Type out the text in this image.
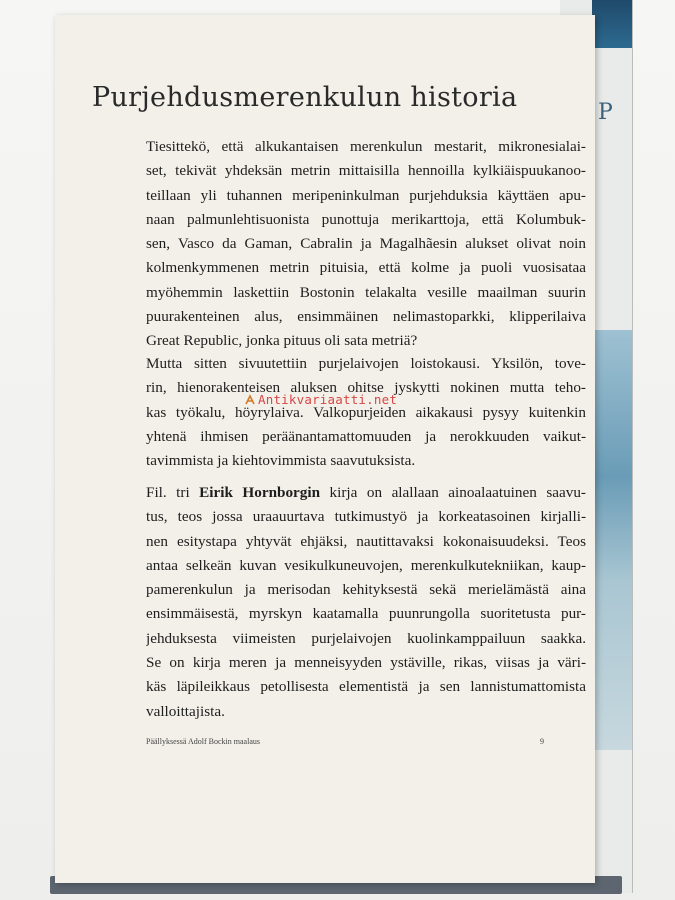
P
Purjehdusmerenkulun historia
Tiesittekö, että alkukantaisen merenkulun mestarit, mikronesialai-
set, tekivät yhdeksän metrin mittaisilla hennoilla kylkiäispuukanoo-
teillaan yli tuhannen meripeninkulman purjehduksia käyttäen apu-
naan palmunlehtisuonista punottuja merikarttoja, että Kolumbuk-
sen, Vasco da Gaman, Cabralin ja Magalhãesin alukset olivat noin
kolmenkymmenen metrin pituisia, että kolme ja puoli vuosisataa
myöhemmin laskettiin Bostonin telakalta vesille maailman suurin
puurakenteinen alus, ensimmäinen nelimastoparkki, klipperilaiva
Great Republic, jonka pituus oli sata metriä?
Mutta sitten sivuutettiin purjelaivojen loistokausi. Yksilön, tove-
rin, hienorakenteisen aluksen ohitse jyskytti nokinen mutta teho-
kas työkalu, höyrylaiva. Valkopurjeiden aikakausi pysyy kuitenkin
yhtenä ihmisen peräänantamattomuuden ja nerokkuuden vaikut-
tavimmista ja kiehtovimmista saavutuksista.
Fil. tri Eirik Hornborgin kirja on alallaan ainoalaatuinen saavu-
tus, teos jossa uraauurtava tutkimustyö ja korkeatasoinen kirjalli-
nen esitystapa yhtyvät ehjäksi, nautittavaksi kokonaisuudeksi. Teos
antaa selkeän kuvan vesikulkuneuvojen, merenkulkutekniikan, kaup-
pamerenkulun ja merisodan kehityksestä sekä merielämästä aina
ensimmäisestä, myrskyn kaatamalla puunrungolla suoritetusta pur-
jehduksesta viimeisten purjelaivojen kuolinkamppailuun saakka.
Se on kirja meren ja menneisyyden ystäville, rikas, viisas ja väri-
käs läpileikkaus petollisesta elementistä ja sen lannistumattomista
valloittajista.
Päällyksessä Adolf Bockin maalaus	9
Antikvariaatti.net
